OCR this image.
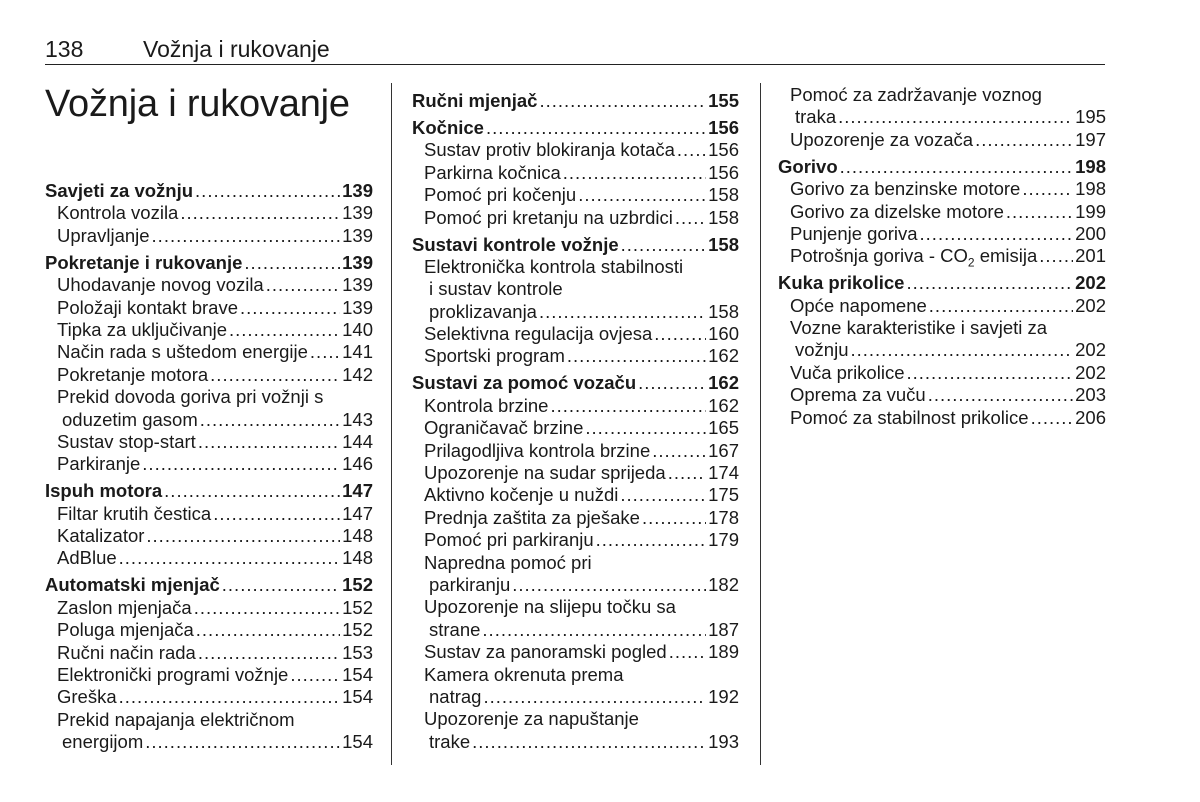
138	Vožnja i rukovanje
Vožnja i rukovanje
Savjeti za vožnju .....	139
Kontrola vozila .....	139
Upravljanje .....	139
Pokretanje i rukovanje .....	139
Uhodavanje novog vozila .....	139
Položaji kontakt brave .....	139
Tipka za uključivanje .....	140
Način rada s uštedom energije ..... 141
Pokretanje motora .....	142
Prekid dovoda goriva pri vožnji s
oduzetim gasom .....	143
Sustav stop-start .....	144
Parkiranje .....	146
Ispuh motora .....	147
Filtar krutih čestica .....	147
Katalizator .....	148
AdBlue .....	148
Automatski mjenjač .....	152
Zaslon mjenjača .....	152
Poluga mjenjača .....	152
Ručni način rada .....	153
Elektronički programi vožnje .....	154
Greška .....	154
Prekid napajanja električnom
energijom .....	154
Ručni mjenjač .....	155
Kočnice .....	156
Sustav protiv blokiranja kotača ..... 156
Parkirna kočnica .....	156
Pomoć pri kočenju .....	158
Pomoć pri kretanju na uzbrdici ..... 158
Sustavi kontrole vožnje .....	158
Elektronička kontrola stabilnosti
i sustav kontrole
proklizavanja .....	158
Selektivna regulacija ovjesa .....	160
Sportski program .....	162
Sustavi za pomoć vozaču .....	162
Kontrola brzine .....	162
Ograničavač brzine .....	165
Prilagodljiva kontrola brzine .....	167
Upozorenje na sudar sprijeda ..... 174
Aktivno kočenje u nuždi .....	175
Prednja zaštita za pješake .....	178
Pomoć pri parkiranju .....	179
Napredna pomoć pri
parkiranju .....	182
Upozorenje na slijepu točku sa
strane .....	187
Sustav za panoramski pogled ..... 189
Kamera okrenuta prema
natrag .....	192
Upozorenje za napuštanje
trake .....	193
Pomoć za zadržavanje voznog
traka .....	195
Upozorenje za vozača .....	197
Gorivo .....	198
Gorivo za benzinske motore .....	198
Gorivo za dizelske motore .....	199
Punjenje goriva .....	200
Potrošnja goriva - $CO_2$ emisija ..... 201
Kuka prikolice .....	202
Opće napomene .....	202
Vozne karakteristike i savjeti za
vožnju .....	202
Vuča prikolice .....	202
Oprema za vuču .....	203
Pomoć za stabilnost prikolice .....	206
